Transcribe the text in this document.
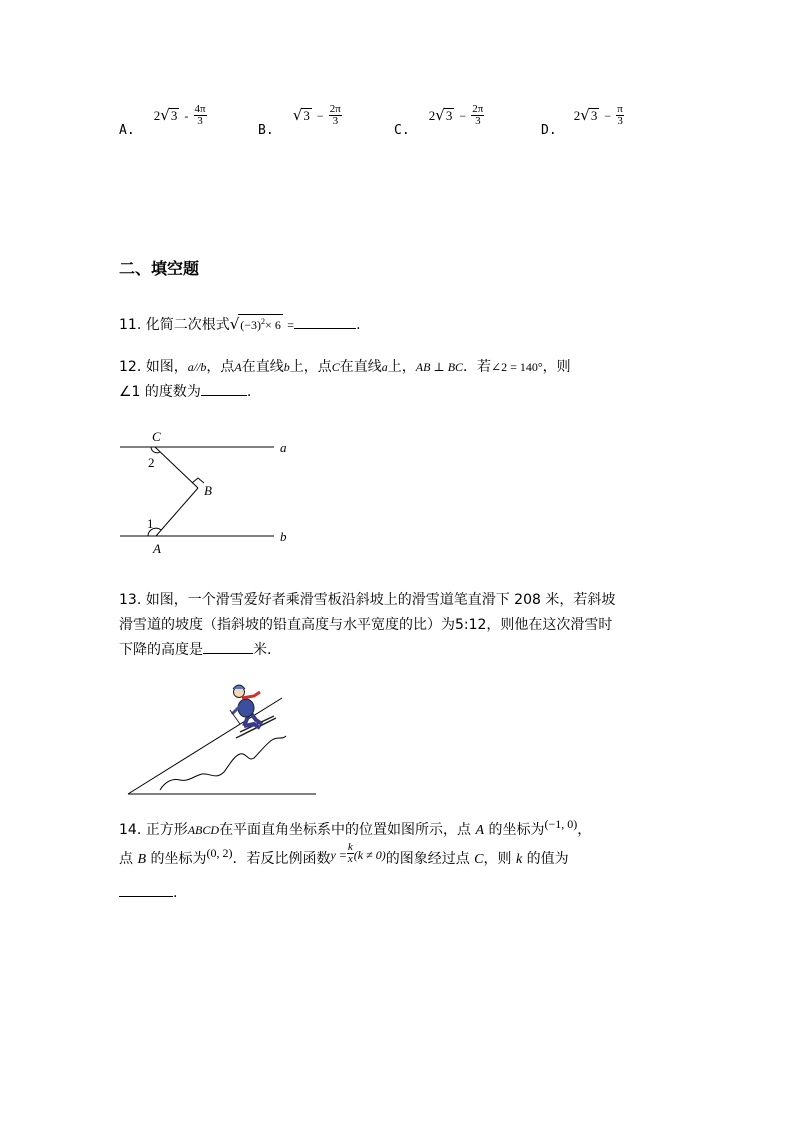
$_{A.}$ $2√3 - \frac{4\pi}{3}$
$_{B.}$ $√3 - \frac{2\pi}{3}$
$_{C.}$ $2√3 - \frac{2\pi}{3}$
$_{D.}$ $2√3 - \frac{\pi}{3}$
二、填空题
11. 化简二次根式$√(-3)^2\times 6$ =	.
12. 如图，a//b，点A在直线b上，点C在直线a上，AB ⊥ BC．若∠2 = 140°，则
∠1 的度数为	.
C
2
a
B
1
A
b
13. 如图，一个滑雪爱好者乘滑雪板沿斜坡上的滑雪道笔直滑下 208 米，若斜坡
滑雪道的坡度（指斜坡的铅直高度与水平宽度的比）为5:12，则他在这次滑雪时
下降的高度是	米.
14. 正方形ABCD在平面直角坐标系中的位置如图所示，点 A 的坐标为(−1, 0)，
点 B 的坐标为(0, 2)．若反比例函数$y = \frac{k}{x} (k \ne 0)$的图象经过点 C，则 k 的值为
.
